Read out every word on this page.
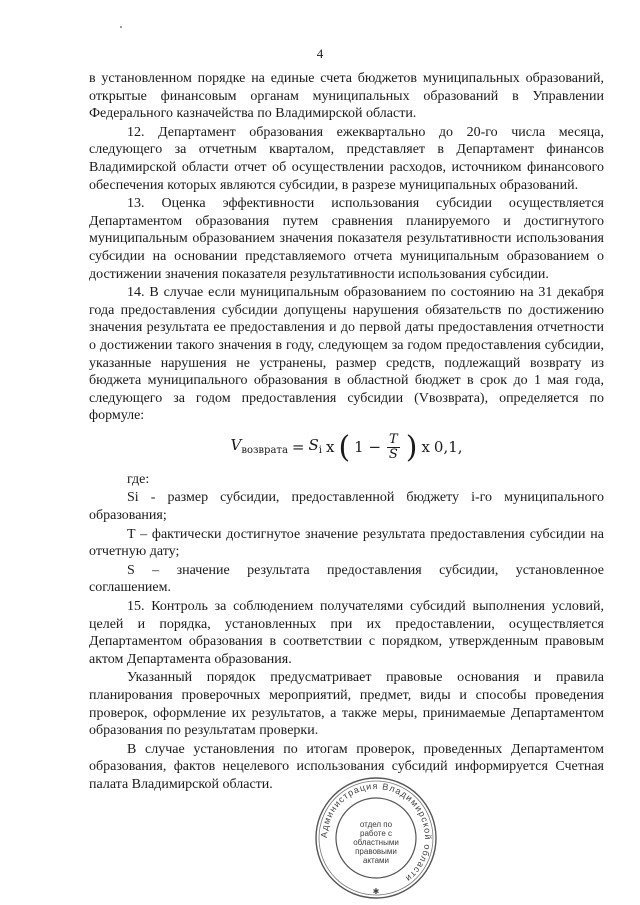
4

в установленном порядке на единые счета бюджетов муниципальных образований, открытые финансовым органам муниципальных образований в Управлении Федерального казначейства по Владимирской области.

12. Департамент образования ежеквартально до 20-го числа месяца, следующего за отчетным кварталом, представляет в Департамент финансов Владимирской области отчет об осуществлении расходов, источником финансового обеспечения которых являются субсидии, в разрезе муниципальных образований.

13. Оценка эффективности использования субсидии осуществляется Департаментом образования путем сравнения планируемого и достигнутого муниципальным образованием значения показателя результативности использования субсидии на основании представляемого отчета муниципальным образованием о достижении значения показателя результативности использования субсидии.

14. В случае если муниципальным образованием по состоянию на 31 декабря года предоставления субсидии допущены нарушения обязательств по достижению значения результата ее предоставления и до первой даты предоставления отчетности о достижении такого значения в году, следующем за годом предоставления субсидии, указанные нарушения не устранены, размер средств, подлежащий возврату из бюджета муниципального образования в областной бюджет в срок до 1 мая года, следующего за годом предоставления субсидии (Vвозврата), определяется по формуле:

$V_{возврата} = S_i$ x ( $1 - \frac{T}{S}$ ) x 0,1,

где:

Si - размер субсидии, предоставленной бюджету i-го муниципального образования;

T – фактически достигнутое значение результата предоставления субсидии на отчетную дату;

S – значение результата предоставления субсидии, установленное соглашением.

15. Контроль за соблюдением получателями субсидий выполнения условий, целей и порядка, установленных при их предоставлении, осуществляется Департаментом образования в соответствии с порядком, утвержденным правовым актом Департамента образования.

Указанный порядок предусматривает правовые основания и правила планирования проверочных мероприятий, предмет, виды и способы проведения проверок, оформление их результатов, а также меры, принимаемые Департаментом образования по результатам проверки.

В случае установления по итогам проверок, проведенных Департаментом образования, фактов нецелевого использования субсидий информируется Счетная палата Владимирской области.

Администрация Владимирской области
✱
отдел по работе с областными правовыми актами
